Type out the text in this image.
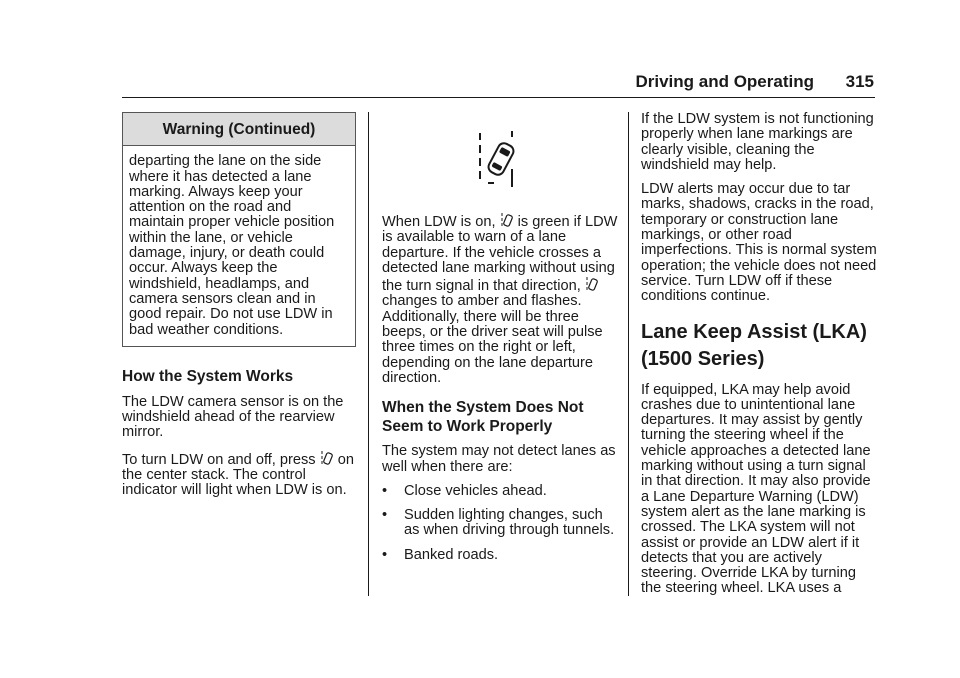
Driving and Operating	315
Warning (Continued)
departing the lane on the side where it has detected a lane marking. Always keep your attention on the road and maintain proper vehicle position within the lane, or vehicle damage, injury, or death could occur. Always keep the windshield, headlamps, and camera sensors clean and in good repair. Do not use LDW in bad weather conditions.
How the System Works

The LDW camera sensor is on the windshield ahead of the rearview mirror.

To turn LDW on and off, press on the center stack. The control indicator will light when LDW is on.

When LDW is on, is green if LDW is available to warn of a lane departure. If the vehicle crosses a detected lane marking without using the turn signal in that direction,  changes to amber and flashes. Additionally, there will be three beeps, or the driver seat will pulse three times on the right or left, depending on the lane departure direction.

When the System Does Not Seem to Work Properly

The system may not detect lanes as well when there are:

•	Close vehicles ahead.
•	Sudden lighting changes, such as when driving through tunnels.
•	Banked roads.

If the LDW system is not functioning properly when lane markings are clearly visible, cleaning the windshield may help.

LDW alerts may occur due to tar marks, shadows, cracks in the road, temporary or construction lane markings, or other road imperfections. This is normal system operation; the vehicle does not need service. Turn LDW off if these conditions continue.

Lane Keep Assist (LKA) (1500 Series)

If equipped, LKA may help avoid crashes due to unintentional lane departures. It may assist by gently turning the steering wheel if the vehicle approaches a detected lane marking without using a turn signal in that direction. It may also provide a Lane Departure Warning (LDW) system alert as the lane marking is crossed. The LKA system will not assist or provide an LDW alert if it detects that you are actively steering. Override LKA by turning the steering wheel. LKA uses a
